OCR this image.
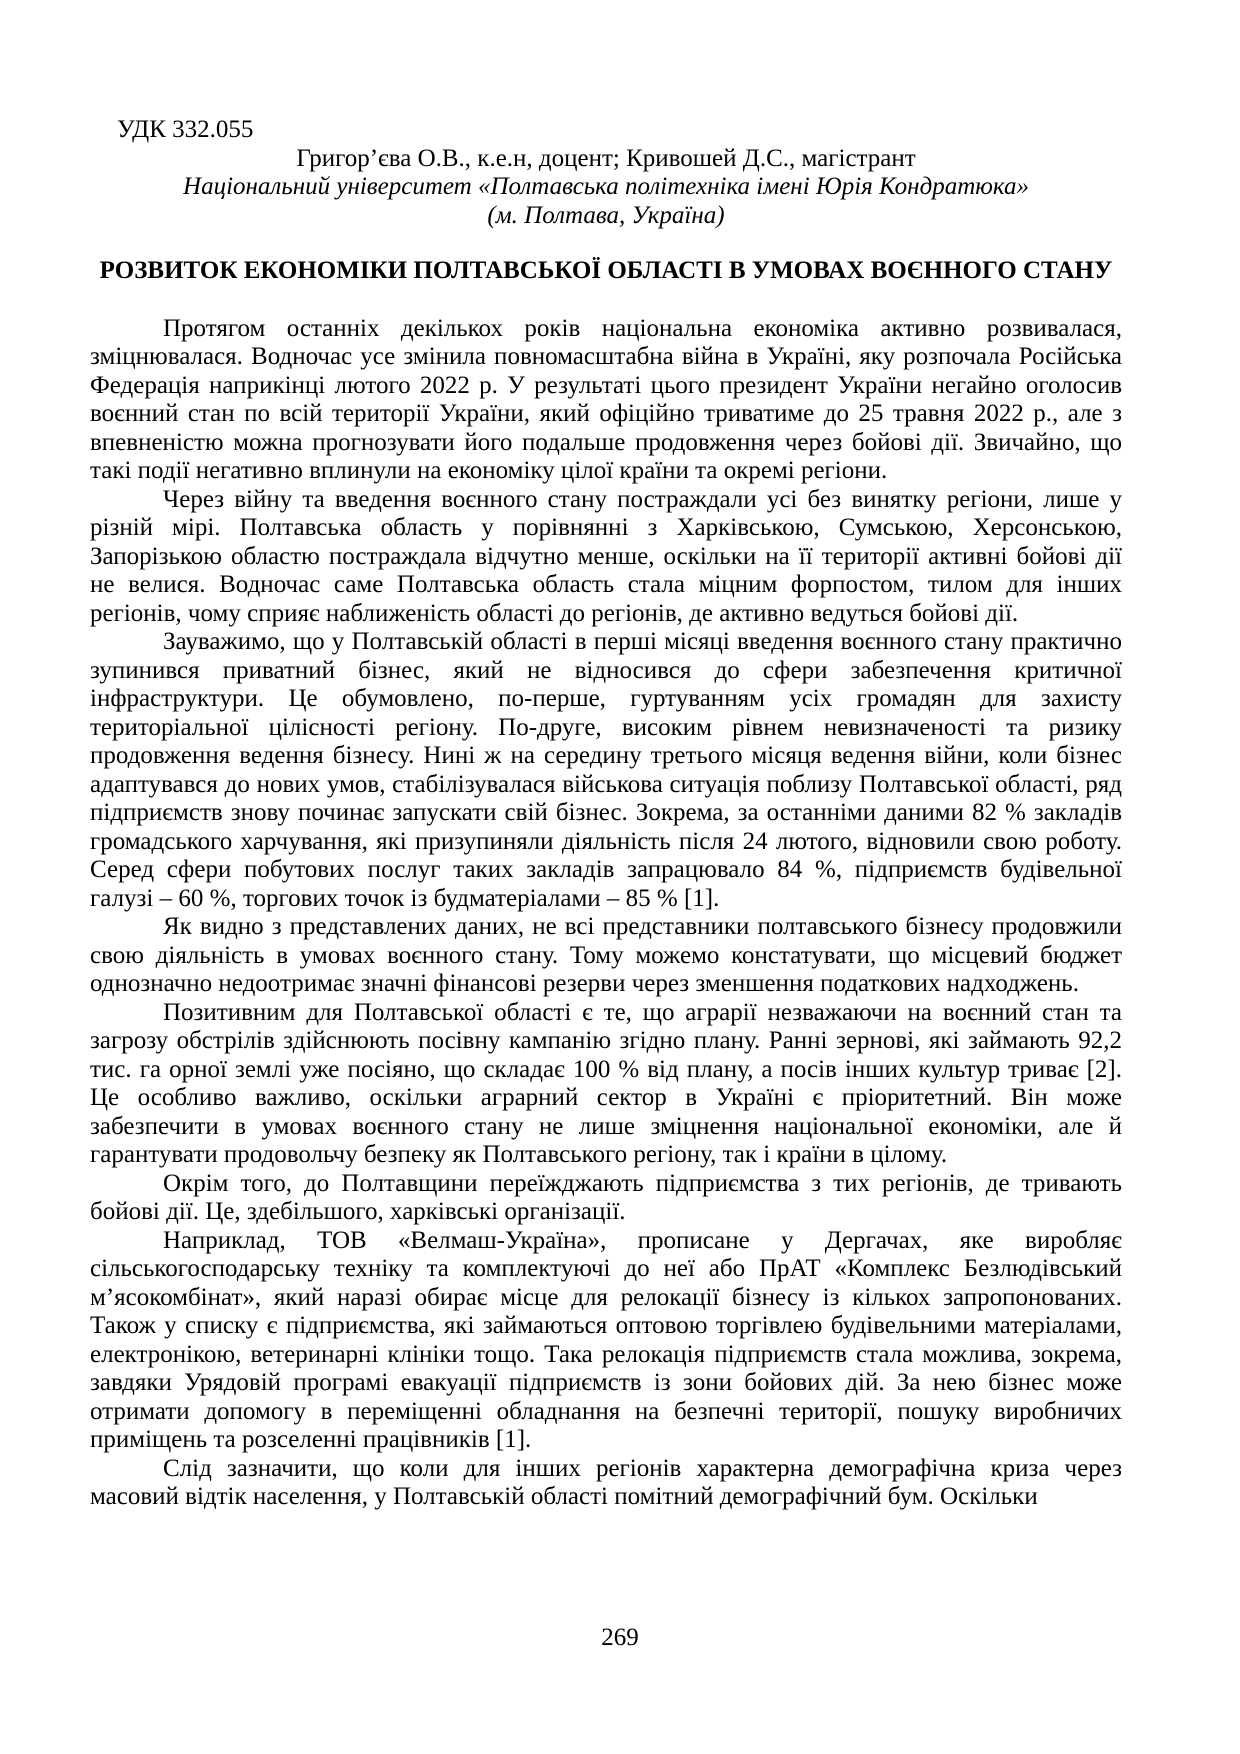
УДК 332.055
Григор’єва О.В., к.е.н, доцент; Кривошей Д.С., магістрант
Національний університет «Полтавська політехніка імені Юрія Кондратюка»
(м. Полтава, Україна)
РОЗВИТОК ЕКОНОМІКИ ПОЛТАВСЬКОЇ ОБЛАСТІ В УМОВАХ ВОЄННОГО СТАНУ

Протягом останніх декількох років національна економіка активно розвивалася, зміцнювалася. Водночас усе змінила повномасштабна війна в Україні, яку розпочала Російська Федерація наприкінці лютого 2022 р. У результаті цього президент України негайно оголосив воєнний стан по всій території України, який офіційно триватиме до 25 травня 2022 р., але з впевненістю можна прогнозувати його подальше продовження через бойові дії. Звичайно, що такі події негативно вплинули на економіку цілої країни та окремі регіони.

Через війну та введення воєнного стану постраждали усі без винятку регіони, лише у різній мірі. Полтавська область у порівнянні з Харківською, Сумською, Херсонською, Запорізькою областю постраждала відчутно менше, оскільки на її території активні бойові дії не велися. Водночас саме Полтавська область стала міцним форпостом, тилом для інших регіонів, чому сприяє наближеність області до регіонів, де активно ведуться бойові дії.

Зауважимо, що у Полтавській області в перші місяці введення воєнного стану практично зупинився приватний бізнес, який не відносився до сфери забезпечення критичної інфраструктури. Це обумовлено, по-перше, гуртуванням усіх громадян для захисту територіальної цілісності регіону. По-друге, високим рівнем невизначеності та ризику продовження ведення бізнесу. Нині ж на середину третього місяця ведення війни, коли бізнес адаптувався до нових умов, стабілізувалася військова ситуація поблизу Полтавської області, ряд підприємств знову починає запускати свій бізнес. Зокрема, за останніми даними 82 % закладів громадського харчування, які призупиняли діяльність після 24 лютого, відновили свою роботу. Серед сфери побутових послуг таких закладів запрацювало 84 %, підприємств будівельної галузі – 60 %, торгових точок із будматеріалами – 85 % [1].

Як видно з представлених даних, не всі представники полтавського бізнесу продовжили свою діяльність в умовах воєнного стану. Тому можемо констатувати, що місцевий бюджет однозначно недоотримає значні фінансові резерви через зменшення податкових надходжень.

Позитивним для Полтавської області є те, що аграрії незважаючи на воєнний стан та загрозу обстрілів здійснюють посівну кампанію згідно плану. Ранні зернові, які займають 92,2 тис. га орної землі уже посіяно, що складає 100 % від плану, а посів інших культур триває [2]. Це особливо важливо, оскільки аграрний сектор в Україні є пріоритетний. Він може забезпечити в умовах воєнного стану не лише зміцнення національної економіки, але й гарантувати продовольчу безпеку як Полтавського регіону, так і країни в цілому.

Окрім того, до Полтавщини переїжджають підприємства з тих регіонів, де тривають бойові дії. Це, здебільшого, харківські організації.

Наприклад, ТОВ «Велмаш-Україна», прописане у Дергачах, яке виробляє сільськогосподарську техніку та комплектуючі до неї або ПрАТ «Комплекс Безлюдівський м’ясокомбінат», який наразі обирає місце для релокації бізнесу із кількох запропонованих. Також у списку є підприємства, які займаються оптовою торгівлею будівельними матеріалами, електронікою, ветеринарні клініки тощо. Така релокація підприємств стала можлива, зокрема, завдяки Урядовій програмі евакуації підприємств із зони бойових дій. За нею бізнес може отримати допомогу в переміщенні обладнання на безпечні території, пошуку виробничих приміщень та розселенні працівників [1].

Слід зазначити, що коли для інших регіонів характерна демографічна криза через масовий відтік населення, у Полтавській області помітний демографічний бум. Оскільки

269
